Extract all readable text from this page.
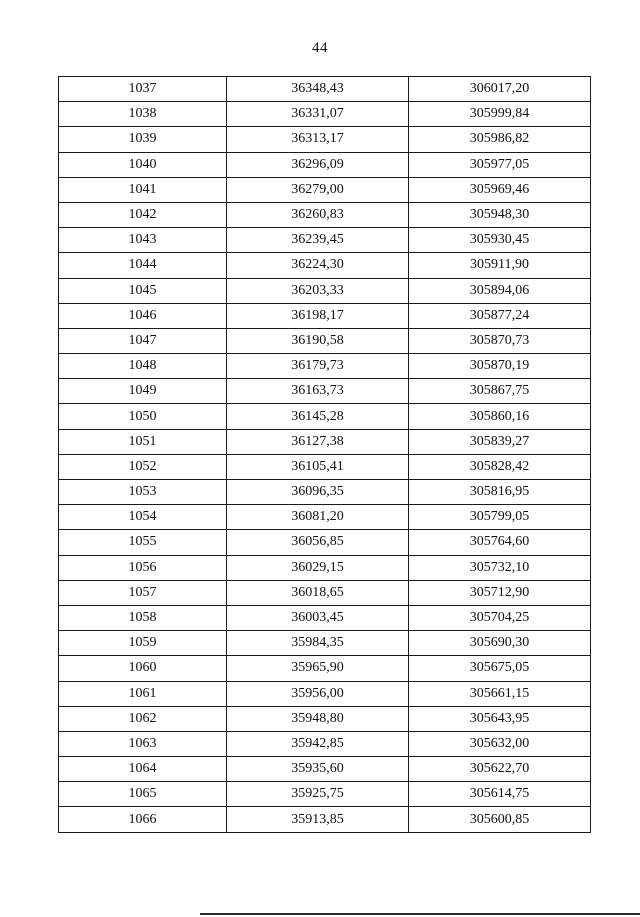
44
1037	36348,43	306017,20
1038	36331,07	305999,84
1039	36313,17	305986,82
1040	36296,09	305977,05
1041	36279,00	305969,46
1042	36260,83	305948,30
1043	36239,45	305930,45
1044	36224,30	305911,90
1045	36203,33	305894,06
1046	36198,17	305877,24
1047	36190,58	305870,73
1048	36179,73	305870,19
1049	36163,73	305867,75
1050	36145,28	305860,16
1051	36127,38	305839,27
1052	36105,41	305828,42
1053	36096,35	305816,95
1054	36081,20	305799,05
1055	36056,85	305764,60
1056	36029,15	305732,10
1057	36018,65	305712,90
1058	36003,45	305704,25
1059	35984,35	305690,30
1060	35965,90	305675,05
1061	35956,00	305661,15
1062	35948,80	305643,95
1063	35942,85	305632,00
1064	35935,60	305622,70
1065	35925,75	305614,75
1066	35913,85	305600,85
